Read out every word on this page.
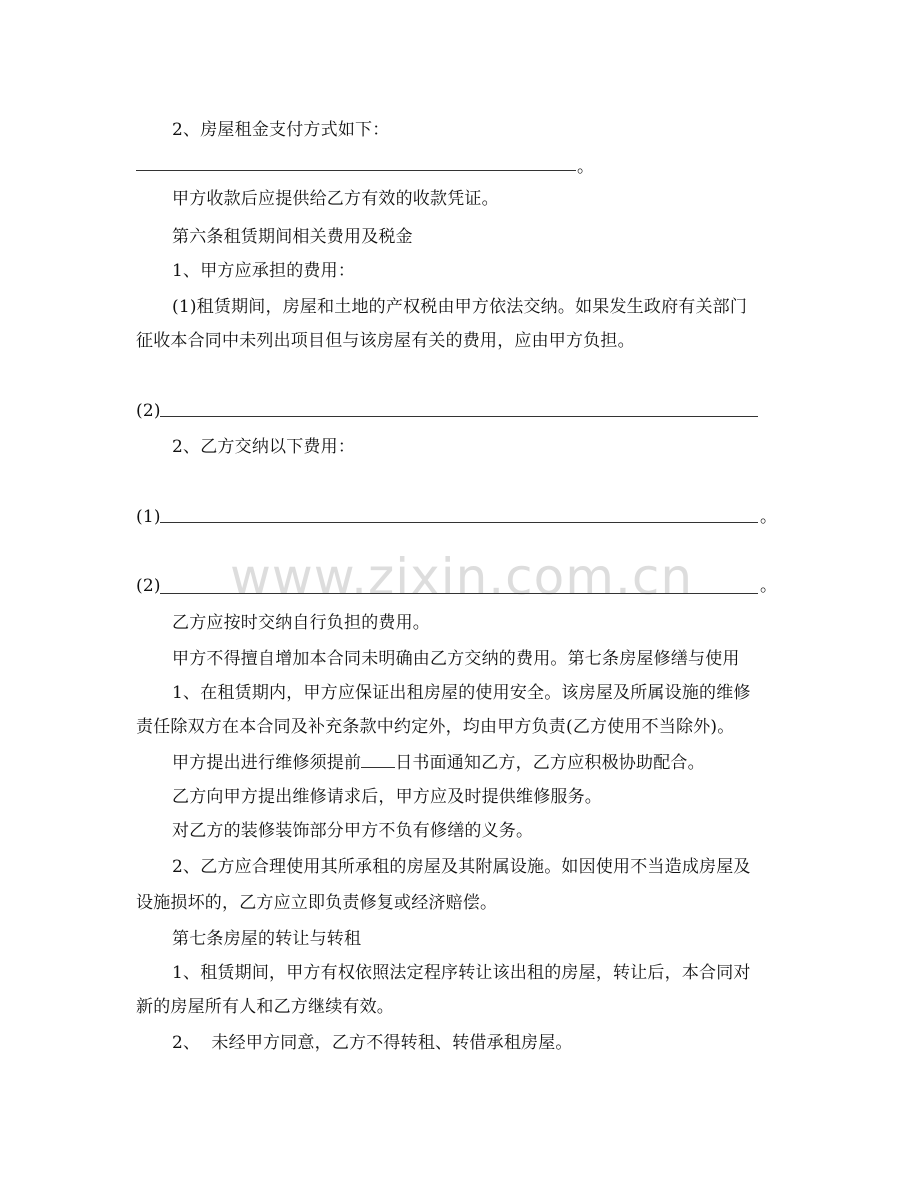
2、房屋租金支付方式如下：
。
甲方收款后应提供给乙方有效的收款凭证。
第六条租赁期间相关费用及税金
1、甲方应承担的费用：
(1)租赁期间，房屋和土地的产权税由甲方依法交纳。如果发生政府有关部门
征收本合同中未列出项目但与该房屋有关的费用，应由甲方负担。
(2)
2、乙方交纳以下费用：
(1)	。
www.zixin.com.cn
(2)	。
乙方应按时交纳自行负担的费用。
甲方不得擅自增加本合同未明确由乙方交纳的费用。第七条房屋修缮与使用
1、在租赁期内，甲方应保证出租房屋的使用安全。该房屋及所属设施的维修
责任除双方在本合同及补充条款中约定外，均由甲方负责(乙方使用不当除外)。
甲方提出进行维修须提前 日书面通知乙方，乙方应积极协助配合。
乙方向甲方提出维修请求后，甲方应及时提供维修服务。
对乙方的装修装饰部分甲方不负有修缮的义务。
2、乙方应合理使用其所承租的房屋及其附属设施。如因使用不当造成房屋及
设施损坏的，乙方应立即负责修复或经济赔偿。
第七条房屋的转让与转租
1、租赁期间，甲方有权依照法定程序转让该出租的房屋，转让后，本合同对
新的房屋所有人和乙方继续有效。
2、  未经甲方同意，乙方不得转租、转借承租房屋。
